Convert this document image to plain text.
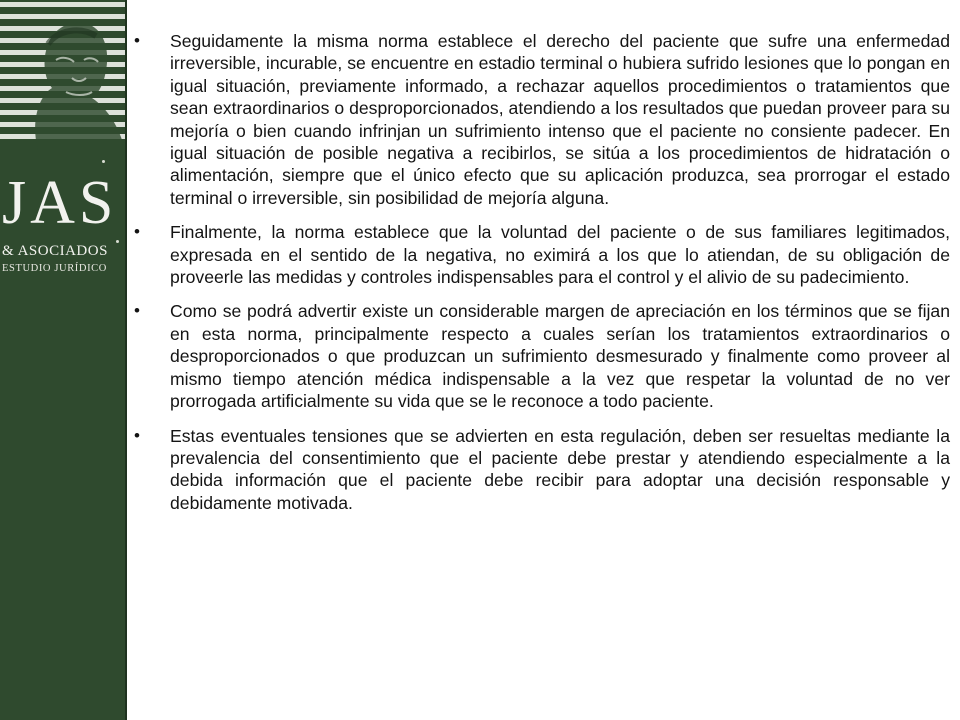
JAS
& ASOCIADOS
ESTUDIO JURÍDICO
• Seguidamente la misma norma establece el derecho del paciente que sufre una enfermedad irreversible, incurable, se encuentre en estadio terminal o hubiera sufrido lesiones que lo pongan en igual situación, previamente informado, a rechazar aquellos procedimientos o tratamientos que sean extraordinarios o desproporcionados, atendiendo a los resultados que puedan proveer para su mejoría o bien cuando infrinjan un sufrimiento intenso que el paciente no consiente padecer. En igual situación de posible negativa a recibirlos, se sitúa a los procedimientos de hidratación o alimentación, siempre que el único efecto que su aplicación produzca, sea prorrogar el estado terminal o irreversible, sin posibilidad de mejoría alguna.
• Finalmente, la norma establece que la voluntad del paciente o de sus familiares legitimados, expresada en el sentido de la negativa, no eximirá a los que lo atiendan, de su obligación de proveerle las medidas y controles indispensables para el control y el alivio de su padecimiento.
• Como se podrá advertir existe un considerable margen de apreciación en los términos que se fijan en esta norma, principalmente respecto a cuales serían los tratamientos extraordinarios o desproporcionados o que produzcan un sufrimiento desmesurado y finalmente como proveer al mismo tiempo atención médica indispensable a la vez que respetar la voluntad de no ver prorrogada artificialmente su vida que se le reconoce a todo paciente.
• Estas eventuales tensiones que se advierten en esta regulación, deben ser resueltas mediante la prevalencia del consentimiento que el paciente debe prestar y atendiendo especialmente a la debida información que el paciente debe recibir para adoptar una decisión responsable y debidamente motivada.
